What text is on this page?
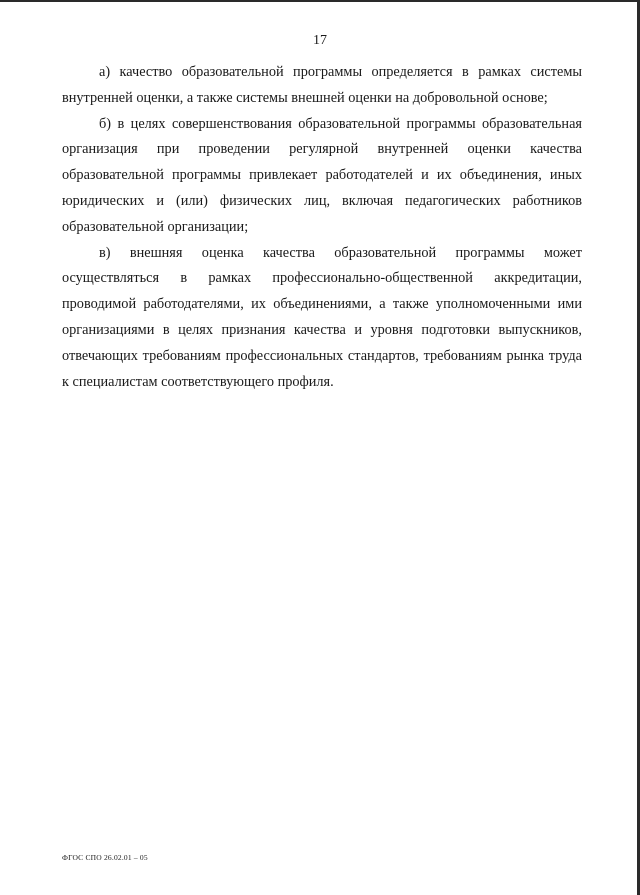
17

а) качество образовательной программы определяется в рамках системы внутренней оценки, а также системы внешней оценки на добровольной основе;

б) в целях совершенствования образовательной программы образовательная организация при проведении регулярной внутренней оценки качества образовательной программы привлекает работодателей и их объединения, иных юридических и (или) физических лиц, включая педагогических работников образовательной организации;

в) внешняя оценка качества образовательной программы может осуществляться в рамках профессионально-общественной аккредитации, проводимой работодателями, их объединениями, а также уполномоченными ими организациями в целях признания качества и уровня подготовки выпускников, отвечающих требованиям профессиональных стандартов, требованиям рынка труда к специалистам соответствующего профиля.

ФГОС СПО 26.02.01 – 05
